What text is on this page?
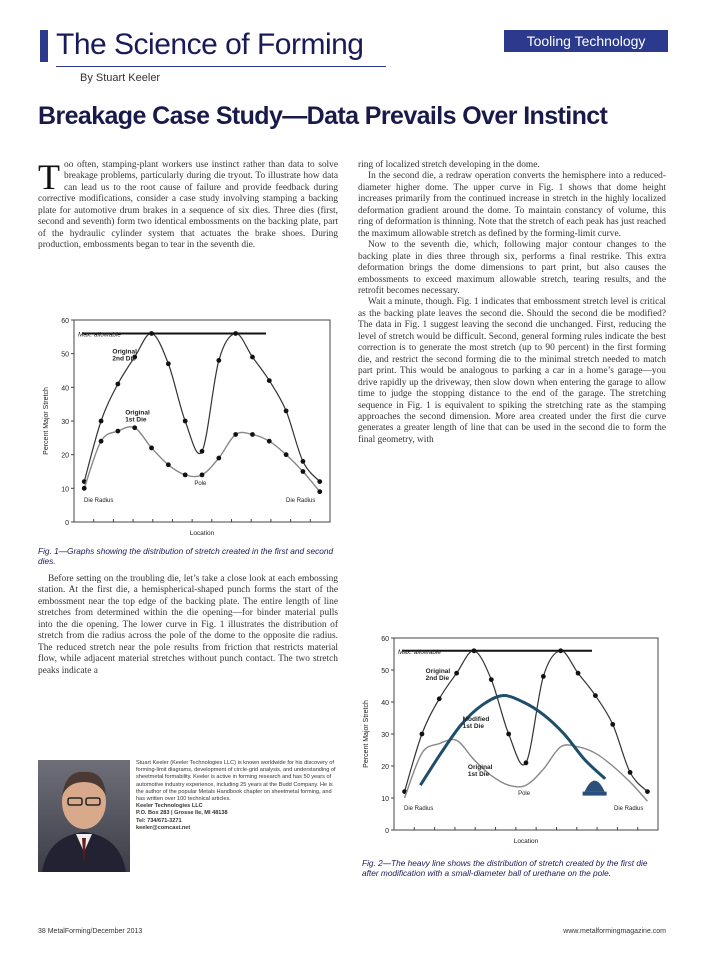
The Science of Forming
By Stuart Keeler
Tooling Technology
Breakage Case Study—Data Prevails Over Instinct

Too often, stamping-plant workers use instinct rather than data to solve breakage problems, particularly during die tryout. To illustrate how data can lead us to the root cause of failure and provide feedback during corrective modifications, consider a case study involving stamping a backing plate for automotive drum brakes in a sequence of six dies. Three dies (first, second and seventh) form two identical embossments on the backing plate, part of the hydraulic cylinder system that actuates the brake shoes. During production, embossments began to tear in the seventh die.

0
10
20
30
40
50
60
Max. allowable
Location
Percent Major Stretch
Die Radius	Die Radius
Original
2nd Die
Original
1st Die
Pole
Fig. 1—Graphs showing the distribution of stretch created in the first and second dies.

Before setting on the troubling die, let’s take a close look at each embossing station. At the first die, a hemispherical-shaped punch forms the start of the embossment near the top edge of the backing plate. The entire length of line stretches from determined within the die opening—for binder material pulls into the die opening. The lower curve in Fig. 1 illustrates the distribution of stretch from die radius across the pole of the dome to the opposite die radius. The reduced stretch near the pole results from friction that restricts material flow, while adjacent material stretches without punch contact. The two stretch peaks indicate a

ring of localized stretch developing in the dome.

In the second die, a redraw operation converts the hemisphere into a reduced-diameter higher dome. The upper curve in Fig. 1 shows that dome height increases primarily from the continued increase in stretch in the highly localized deformation gradient around the dome. To maintain constancy of volume, this ring of deformation is thinning. Note that the stretch of each peak has just reached the maximum allowable stretch as defined by the forming-limit curve.

Now to the seventh die, which, following major contour changes to the backing plate in dies three through six, performs a final restrike. This extra deformation brings the dome dimensions to part print, but also causes the embossments to exceed maximum allowable stretch, tearing results, and the retrofit becomes necessary.

Wait a minute, though. Fig. 1 indicates that embossment stretch level is critical as the backing plate leaves the second die. Should the second die be modified? The data in Fig. 1 suggest leaving the second die unchanged. First, reducing the level of stretch would be difficult. Second, general forming rules indicate the best correction is to generate the most stretch (up to 90 percent) in the first forming die, and restrict the second forming die to the minimal stretch needed to match part print. This would be analogous to parking a car in a home’s garage—you drive rapidly up the driveway, then slow down when entering the garage to allow time to judge the stopping distance to the end of the garage. The stretching sequence in Fig. 1 is equivalent to spiking the stretching rate as the stamping approaches the second dimension. More area created under the first die curve generates a greater length of line that can be used in the second die to form the final geometry, with

0
10
20
30
40
50
60
Max. allowable
Location
Percent Major Stretch
Die Radius	Die Radius
Original
2nd Die
Original
1st Die
Modified
1st Die
Pole
Fig. 2—The heavy line shows the distribution of stretch created by the first die after modification with a small-diameter ball of urethane on the pole.
Stuart Keeler (Keeler Technologies LLC) is known worldwide for his discovery of forming-limit diagrams, development of circle-grid analysis, and understanding of sheetmetal formability. Keeler is active in forming research and has 50 years of automotive industry experience, including 25 years at the Budd Company. He is the author of the popular Metals Handbook chapter on sheetmetal forming, and has written over 100 technical articles.
Keeler Technologies LLC
P.O. Box 283 | Grosse Ile, MI 48138
Tel: 734/671-3271
keeler@comcast.net
38 MetalForming/December 2013	www.metalformingmagazine.com
